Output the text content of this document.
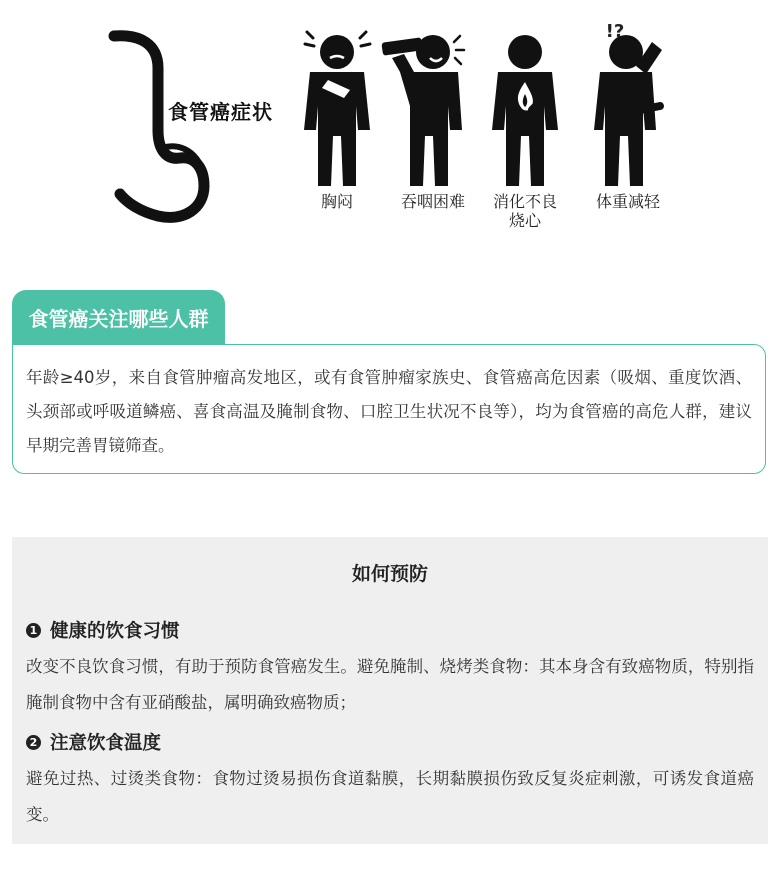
食管癌症状
!?
胸闷	吞咽困难	消化不良
烧心
体重减轻
食管癌关注哪些人群

年龄≥40岁，来自食管肿瘤高发地区，或有食管肿瘤家族史、食管癌高危因素（吸烟、重度饮酒、头颈部或呼吸道鳞癌、喜食高温及腌制食物、口腔卫生状况不良等），均为食管癌的高危人群，建议早期完善胃镜筛查。

如何预防
1 健康的饮食习惯

改变不良饮食习惯，有助于预防食管癌发生。避免腌制、烧烤类食物：其本身含有致癌物质，特别指腌制食物中含有亚硝酸盐，属明确致癌物质；

2 注意饮食温度

避免过热、过烫类食物：食物过烫易损伤食道黏膜，长期黏膜损伤致反复炎症刺激，可诱发食道癌变。
